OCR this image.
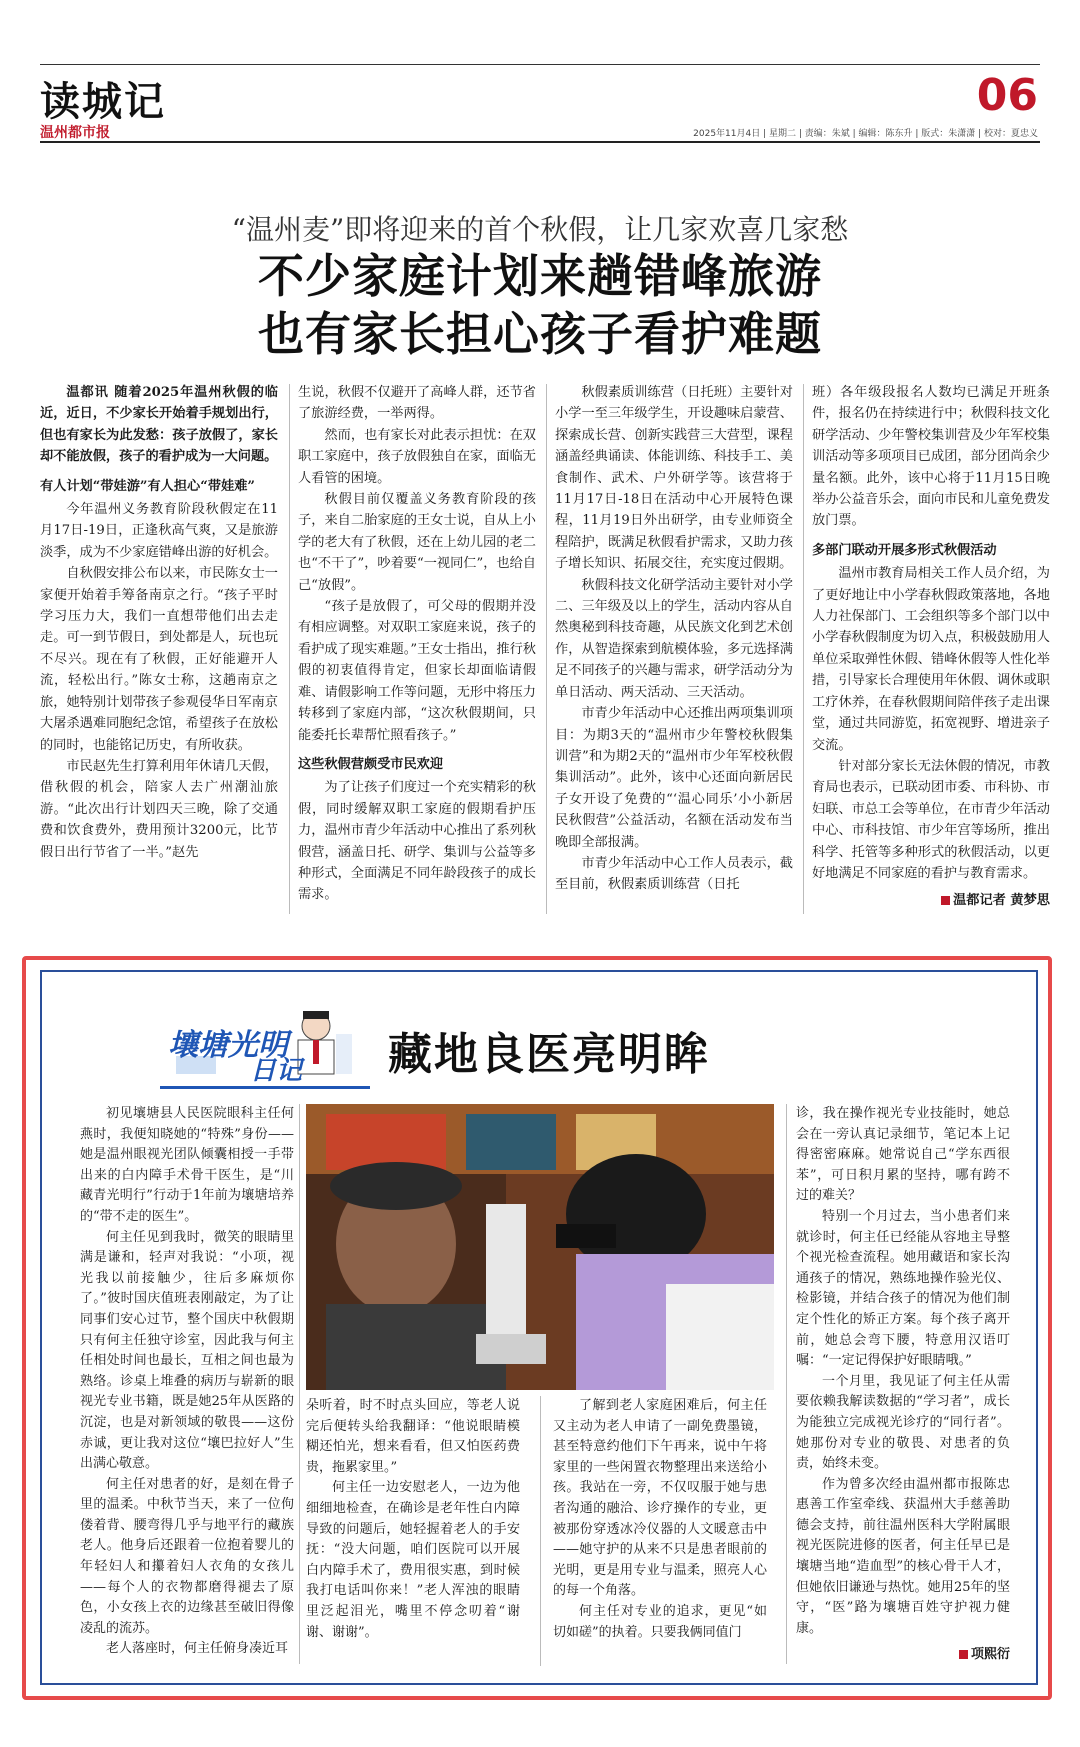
读城记
温州都市报
06
2025年11月4日 | 星期二 | 责编：朱斌 | 编辑：陈东升 | 版式：朱潇潇 | 校对：夏忠义
“温州麦”即将迎来的首个秋假，让几家欢喜几家愁
不少家庭计划来趟错峰旅游
也有家长担心孩子看护难题

温都讯 随着2025年温州秋假的临近，近日，不少家长开始着手规划出行，但也有家长为此发愁：孩子放假了，家长却不能放假，孩子的看护成为一大问题。

有人计划“带娃游”有人担心“带娃难”

今年温州义务教育阶段秋假定在11月17日-19日，正逢秋高气爽，又是旅游淡季，成为不少家庭错峰出游的好机会。

自秋假安排公布以来，市民陈女士一家便开始着手筹备南京之行。“孩子平时学习压力大，我们一直想带他们出去走走。可一到节假日，到处都是人，玩也玩不尽兴。现在有了秋假，正好能避开人流，轻松出行。”陈女士称，这趟南京之旅，她特别计划带孩子参观侵华日军南京大屠杀遇难同胞纪念馆，希望孩子在放松的同时，也能铭记历史，有所收获。

市民赵先生打算利用年休请几天假，借秋假的机会，陪家人去广州潮汕旅游。“此次出行计划四天三晚，除了交通费和饮食费外，费用预计3200元，比节假日出行节省了一半。”赵先

生说，秋假不仅避开了高峰人群，还节省了旅游经费，一举两得。

然而，也有家长对此表示担忧：在双职工家庭中，孩子放假独自在家，面临无人看管的困境。

秋假目前仅覆盖义务教育阶段的孩子，来自二胎家庭的王女士说，自从上小学的老大有了秋假，还在上幼儿园的老二也“不干了”，吵着要“一视同仁”，也给自己“放假”。

“孩子是放假了，可父母的假期并没有相应调整。对双职工家庭来说，孩子的看护成了现实难题。”王女士指出，推行秋假的初衷值得肯定，但家长却面临请假难、请假影响工作等问题，无形中将压力转移到了家庭内部，“这次秋假期间，只能委托长辈帮忙照看孩子。”

这些秋假营颇受市民欢迎

为了让孩子们度过一个充实精彩的秋假，同时缓解双职工家庭的假期看护压力，温州市青少年活动中心推出了系列秋假营，涵盖日托、研学、集训与公益等多种形式，全面满足不同年龄段孩子的成长需求。

秋假素质训练营（日托班）主要针对小学一至三年级学生，开设趣味启蒙营、探索成长营、创新实践营三大营型，课程涵盖经典诵读、体能训练、科技手工、美食制作、武术、户外研学等。该营将于11月17日-18日在活动中心开展特色课程，11月19日外出研学，由专业师资全程陪护，既满足秋假看护需求，又助力孩子增长知识、拓展交往，充实度过假期。

秋假科技文化研学活动主要针对小学二、三年级及以上的学生，活动内容从自然奥秘到科技奇趣，从民族文化到艺术创作，从智造探索到航模体验，多元选择满足不同孩子的兴趣与需求，研学活动分为单日活动、两天活动、三天活动。

市青少年活动中心还推出两项集训项目：为期3天的“温州市少年警校秋假集训营”和为期2天的“温州市少年军校秋假集训活动”。此外，该中心还面向新居民子女开设了免费的“‘温心同乐’小小新居民秋假营”公益活动，名额在活动发布当晚即全部报满。

市青少年活动中心工作人员表示，截至目前，秋假素质训练营（日托

班）各年级段报名人数均已满足开班条件，报名仍在持续进行中；秋假科技文化研学活动、少年警校集训营及少年军校集训活动等多项项目已成团，部分团尚余少量名额。此外，该中心将于11月15日晚举办公益音乐会，面向市民和儿童免费发放门票。

多部门联动开展多形式秋假活动

温州市教育局相关工作人员介绍，为了更好地让中小学春秋假政策落地，各地人力社保部门、工会组织等多个部门以中小学春秋假制度为切入点，积极鼓励用人单位采取弹性休假、错峰休假等人性化举措，引导家长合理使用年休假、调休或职工疗休养，在春秋假期间陪伴孩子走出课堂，通过共同游览，拓宽视野、增进亲子交流。

针对部分家长无法休假的情况，市教育局也表示，已联动团市委、市科协、市妇联、市总工会等单位，在市青少年活动中心、市科技馆、市少年宫等场所，推出科学、托管等多种形式的秋假活动，以更好地满足不同家庭的看护与教育需求。

温都记者 黄梦思

壤塘光明
日记 藏地良医亮明眸

初见壤塘县人民医院眼科主任何燕时，我便知晓她的“特殊”身份——她是温州眼视光团队倾囊相授一手带出来的白内障手术骨干医生，是“川藏青光明行”行动于1年前为壤塘培养的“带不走的医生”。

何主任见到我时，微笑的眼睛里满是谦和，轻声对我说：“小项，视光我以前接触少，往后多麻烦你了。”彼时国庆值班表刚敲定，为了让同事们安心过节，整个国庆中秋假期只有何主任独守诊室，因此我与何主任相处时间也最长，互相之间也最为熟络。诊桌上堆叠的病历与崭新的眼视光专业书籍，既是她25年从医路的沉淀，也是对新领域的敬畏——这份赤诚，更让我对这位“壤巴拉好人”生出满心敬意。

何主任对患者的好，是刻在骨子里的温柔。中秋节当天，来了一位佝偻着背、腰弯得几乎与地平行的藏族老人。他身后还跟着一位抱着婴儿的年轻妇人和攥着妇人衣角的女孩儿——每个人的衣物都磨得褪去了原色，小女孩上衣的边缘甚至破旧得像凌乱的流苏。

老人落座时，何主任俯身凑近耳

朵听着，时不时点头回应，等老人说完后便转头给我翻译：“他说眼睛模糊还怕光，想来看看，但又怕医药费贵，拖累家里。”

何主任一边安慰老人，一边为他细细地检查，在确诊是老年性白内障导致的问题后，她轻握着老人的手安抚：“没大问题，咱们医院可以开展白内障手术了，费用很实惠，到时候我打电话叫你来！”老人浑浊的眼睛里泛起泪光，嘴里不停念叨着“谢谢、谢谢”。

了解到老人家庭困难后，何主任又主动为老人申请了一副免费墨镜，甚至特意约他们下午再来，说中午将家里的一些闲置衣物整理出来送给小孩。我站在一旁，不仅叹服于她与患者沟通的融洽、诊疗操作的专业，更被那份穿透冰冷仪器的人文暖意击中——她守护的从来不只是患者眼前的光明，更是用专业与温柔，照亮人心的每一个角落。

何主任对专业的追求，更见“如切如磋”的执着。只要我俩同值门

诊，我在操作视光专业技能时，她总会在一旁认真记录细节，笔记本上记得密密麻麻。她常说自己“学东西很苯”，可日积月累的坚持，哪有跨不过的难关？

特别一个月过去，当小患者们来就诊时，何主任已经能从容地主导整个视光检查流程。她用藏语和家长沟通孩子的情况，熟练地操作验光仪、检影镜，并结合孩子的情况为他们制定个性化的矫正方案。每个孩子离开前，她总会弯下腰，特意用汉语叮嘱：“一定记得保护好眼睛哦。”

一个月里，我见证了何主任从需要依赖我解读数据的“学习者”，成长为能独立完成视光诊疗的“同行者”。她那份对专业的敬畏、对患者的负责，始终未变。

作为曾多次经由温州都市报陈忠惠善工作室牵线、获温州大手慈善助德会支持，前往温州医科大学附属眼视光医院进修的医者，何主任早已是壤塘当地“造血型”的核心骨干人才，但她依旧谦逊与热忱。她用25年的坚守，“医”路为壤塘百姓守护视力健康。

项熙衍
